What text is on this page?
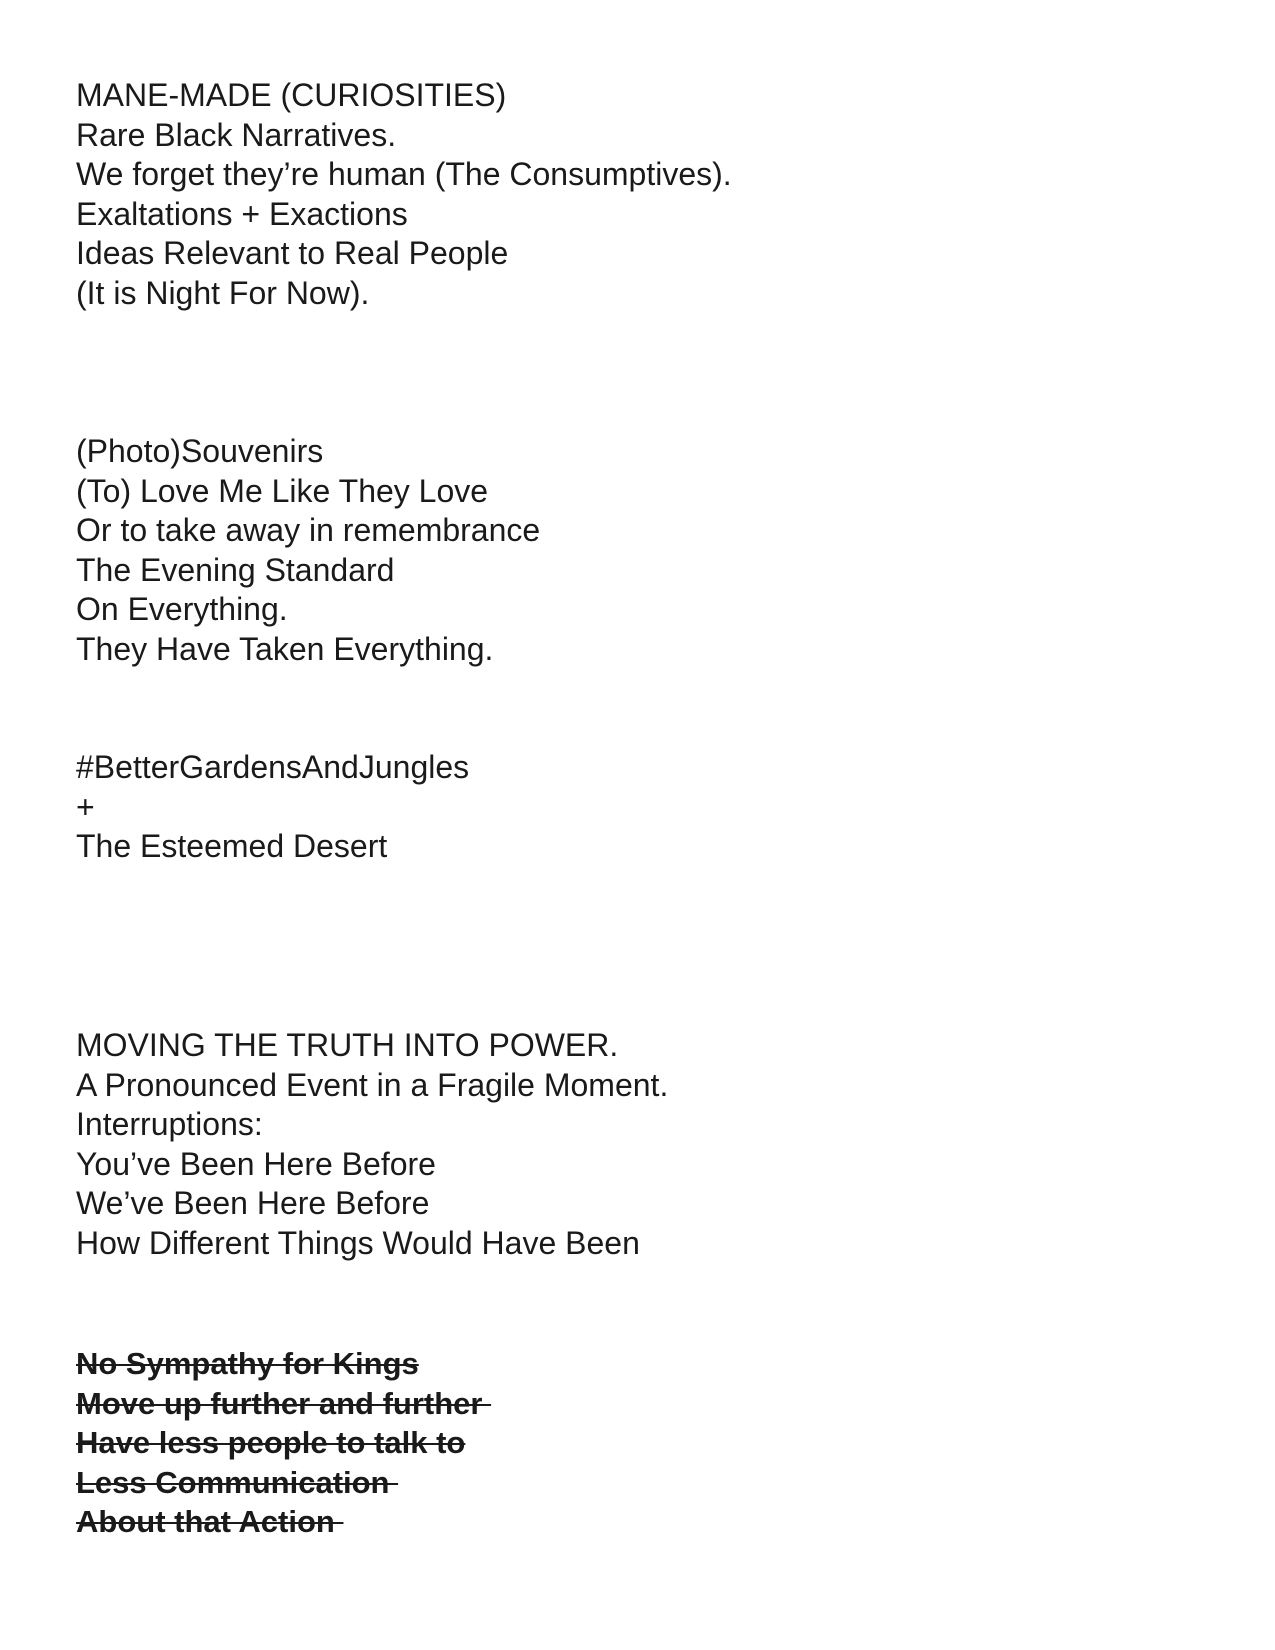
MANE-MADE (CURIOSITIES)
Rare Black Narratives.
We forget they’re human (The Consumptives).
Exaltations + Exactions
Ideas Relevant to Real People
(It is Night For Now).
(Photo)Souvenirs
(To) Love Me Like They Love
Or to take away in remembrance
The Evening Standard
On Everything.
They Have Taken Everything.
#BetterGardensAndJungles
+
The Esteemed Desert
MOVING THE TRUTH INTO POWER.
A Pronounced Event in a Fragile Moment.
Interruptions:
You’ve Been Here Before
We’ve Been Here Before
How Different Things Would Have Been
No Sympathy for Kings
Move up further and further
Have less people to talk to
Less Communication
About that Action
